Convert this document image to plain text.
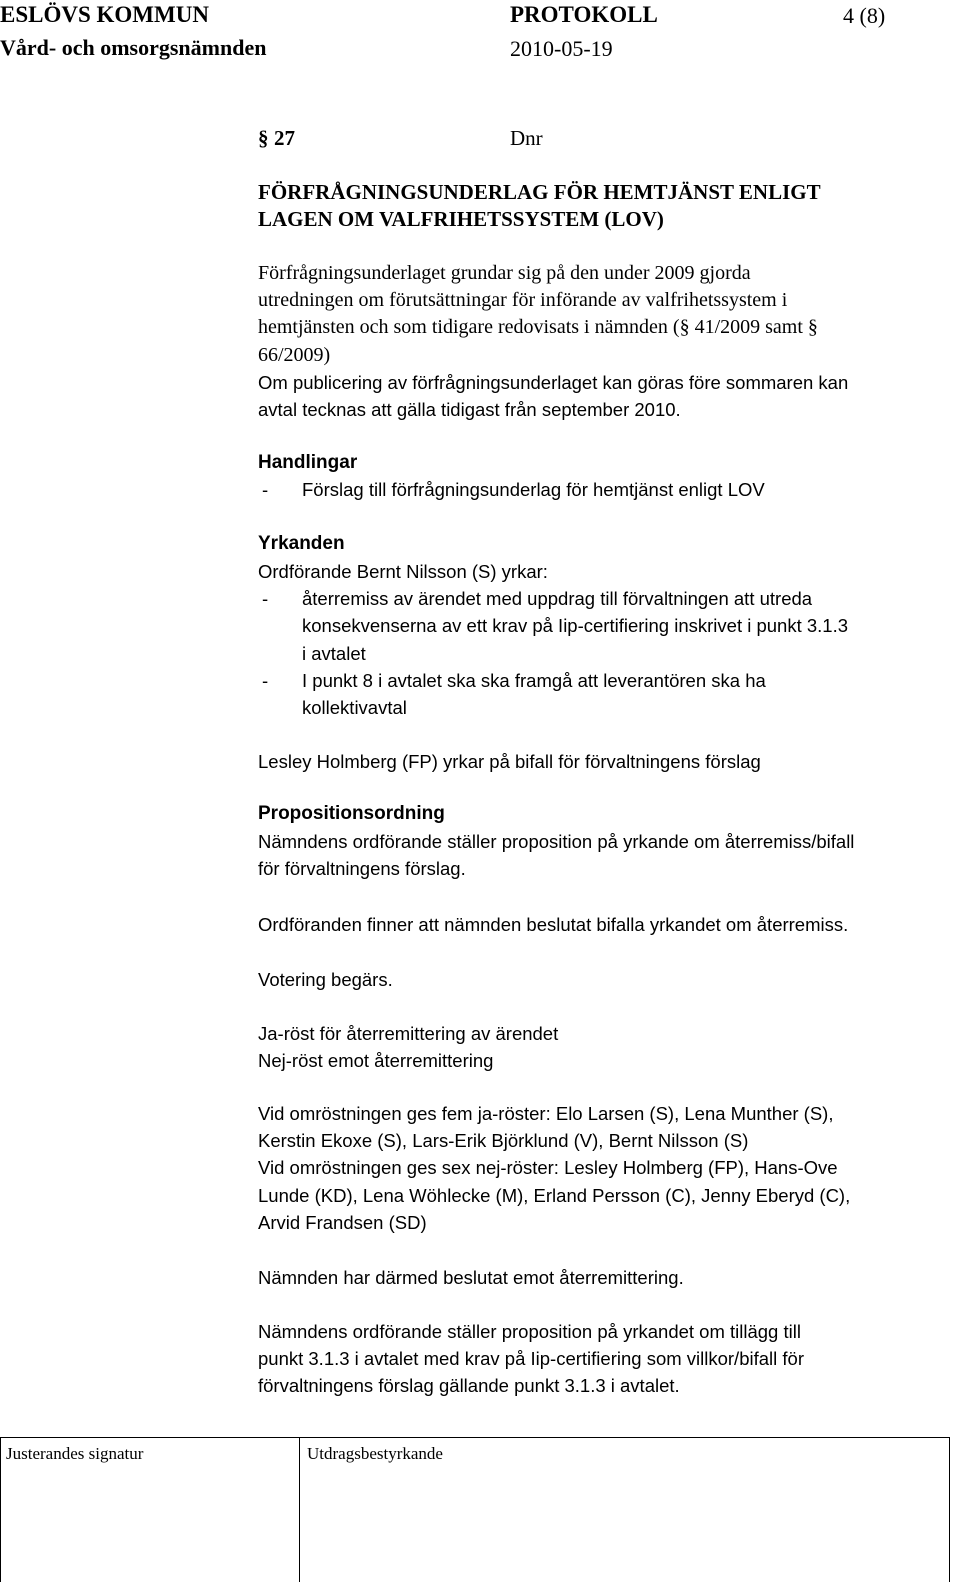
ESLÖVS KOMMUN	PROTOKOLL	4 (8)
Vård- och omsorgsnämnden	2010-05-19
§ 27	Dnr
FÖRFRÅGNINGSUNDERLAG FÖR HEMTJÄNST ENLIGT
LAGEN OM VALFRIHETSSYSTEM (LOV)

Förfrågningsunderlaget grundar sig på den under 2009 gjorda

utredningen om förutsättningar för införande av valfrihetssystem i

hemtjänsten och som tidigare redovisats i nämnden (§ 41/2009 samt §

66/2009)

Om publicering av förfrågningsunderlaget kan göras före sommaren kan

avtal tecknas att gälla tidigast från september 2010.

Handlingar
- Förslag till förfrågningsunderlag för hemtjänst enligt LOV
Yrkanden

Ordförande Bernt Nilsson (S) yrkar:

- återremiss av ärendet med uppdrag till förvaltningen att utreda

konsekvenserna av ett krav på Iip-certifiering inskrivet i punkt 3.1.3

i avtalet

- I punkt 8 i avtalet ska ska framgå att leverantören ska ha

kollektivavtal

Lesley Holmberg (FP) yrkar på bifall för förvaltningens förslag
Propositionsordning

Nämndens ordförande ställer proposition på yrkande om återremiss/bifall

för förvaltningens förslag.

Ordföranden finner att nämnden beslutat bifalla yrkandet om återremiss.
Votering begärs.

Ja-röst för återremittering av ärendet

Nej-röst emot återremittering

Vid omröstningen ges fem ja-röster: Elo Larsen (S), Lena Munther (S),

Kerstin Ekoxe (S), Lars-Erik Björklund (V), Bernt Nilsson (S)

Vid omröstningen ges sex nej-röster: Lesley Holmberg (FP), Hans-Ove

Lunde (KD), Lena Wöhlecke (M), Erland Persson (C), Jenny Eberyd (C),

Arvid Frandsen (SD)

Nämnden har därmed beslutat emot återremittering.

Nämndens ordförande ställer proposition på yrkandet om tillägg till

punkt 3.1.3 i avtalet med krav på Iip-certifiering som villkor/bifall för

förvaltningens förslag gällande punkt 3.1.3 i avtalet.

Justerandes signatur	Utdragsbestyrkande
